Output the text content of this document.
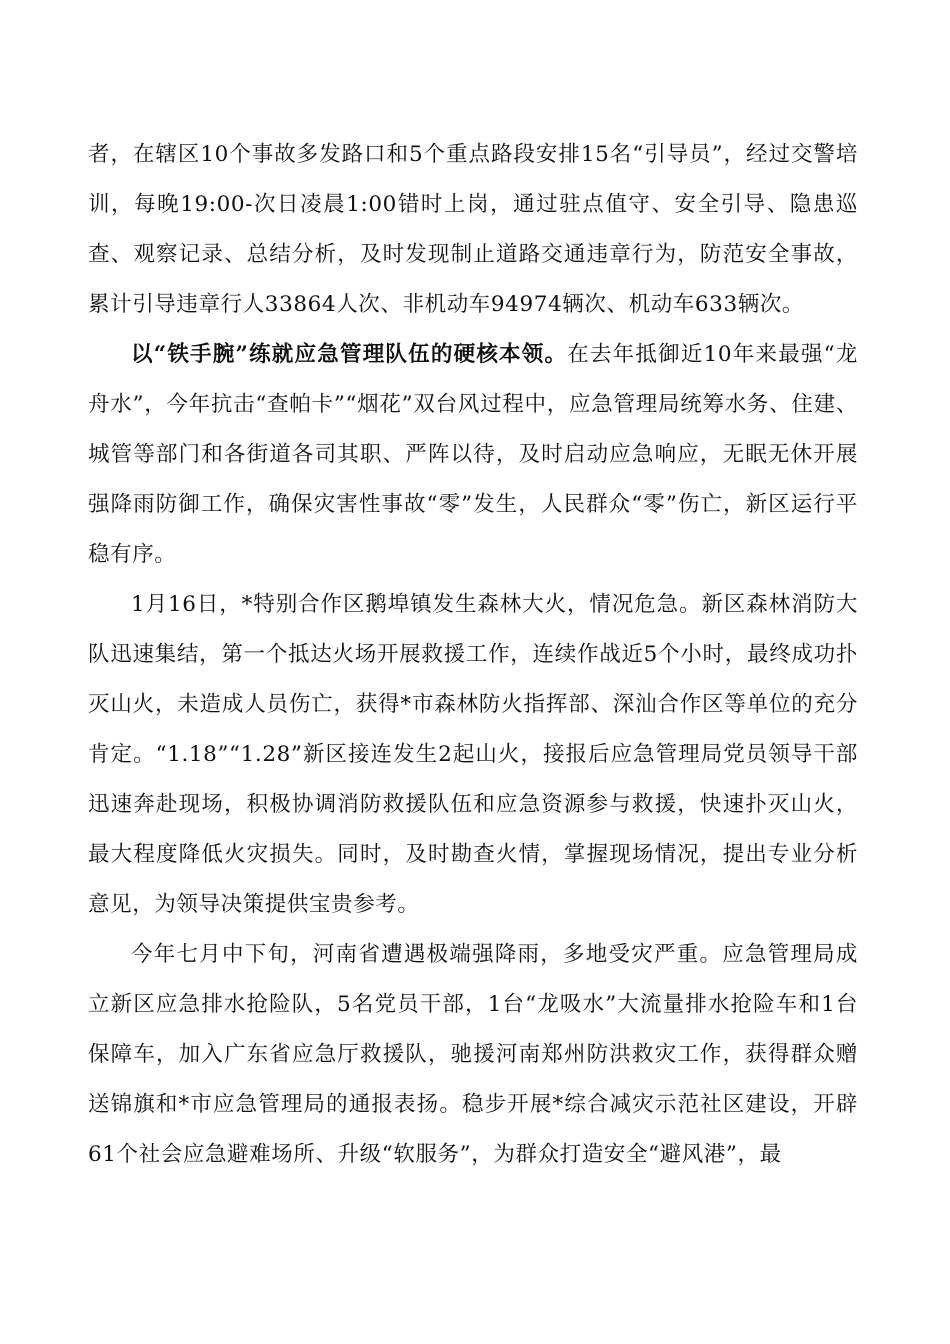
者，在辖区10个事故多发路口和5个重点路段安排15名“引导员”，经过交警培训，每晚19:00-次日凌晨1:00错时上岗，通过驻点值守、安全引导、隐患巡查、观察记录、总结分析，及时发现制止道路交通违章行为，防范安全事故，累计引导违章行人33864人次、非机动车94974辆次、机动车633辆次。

以“铁手腕”练就应急管理队伍的硬核本领。在去年抵御近10年来最强“龙舟水”，今年抗击“查帕卡”“烟花”双台风过程中，应急管理局统筹水务、住建、城管等部门和各街道各司其职、严阵以待，及时启动应急响应，无眠无休开展强降雨防御工作，确保灾害性事故“零”发生，人民群众“零”伤亡，新区运行平稳有序。

1月16日，*特别合作区鹅埠镇发生森林大火，情况危急。新区森林消防大队迅速集结，第一个抵达火场开展救援工作，连续作战近5个小时，最终成功扑灭山火，未造成人员伤亡，获得*市森林防火指挥部、深汕合作区等单位的充分肯定。“1.18”“1.28”新区接连发生2起山火，接报后应急管理局党员领导干部迅速奔赴现场，积极协调消防救援队伍和应急资源参与救援，快速扑灭山火，最大程度降低火灾损失。同时，及时勘查火情，掌握现场情况，提出专业分析意见，为领导决策提供宝贵参考。

今年七月中下旬，河南省遭遇极端强降雨，多地受灾严重。应急管理局成立新区应急排水抢险队，5名党员干部，1台“龙吸水”大流量排水抢险车和1台保障车，加入广东省应急厅救援队，驰援河南郑州防洪救灾工作，获得群众赠送锦旗和*市应急管理局的通报表扬。稳步开展*综合减灾示范社区建设，开辟61个社会应急避难场所、升级“软服务”，为群众打造安全“避风港”，最
